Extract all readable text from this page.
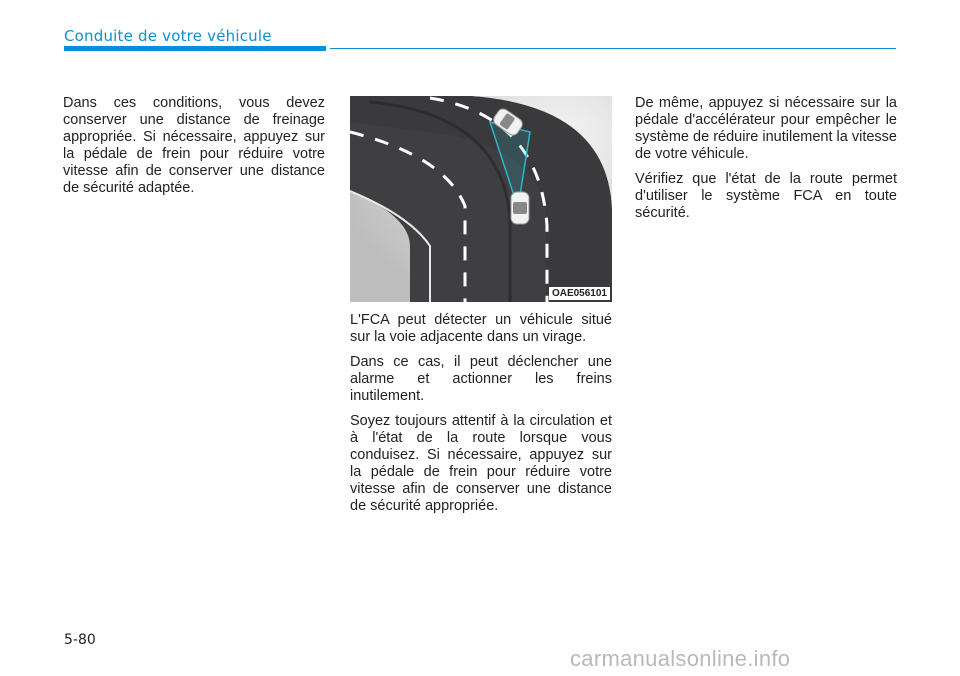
Conduite de votre véhicule

Dans ces conditions, vous devez conserver une distance de freinage appropriée. Si nécessaire, appuyez sur la pédale de frein pour réduire votre vitesse afin de conserver une distance de sécurité adaptée.

OAE056101

L'FCA peut détecter un véhicule situé sur la voie adjacente dans un virage.

Dans ce cas, il peut déclencher une alarme et actionner les freins inutilement.

Soyez toujours attentif à la circulation et à l'état de la route lorsque vous conduisez. Si nécessaire, appuyez sur la pédale de frein pour réduire votre vitesse afin de conserver une distance de sécurité appropriée.

De même, appuyez si nécessaire sur la pédale d'accélérateur pour empêcher le système de réduire inutilement la vitesse de votre véhicule.

Vérifiez que l'état de la route permet d'utiliser le système FCA en toute sécurité.

5-80
carmanualsonline.info
